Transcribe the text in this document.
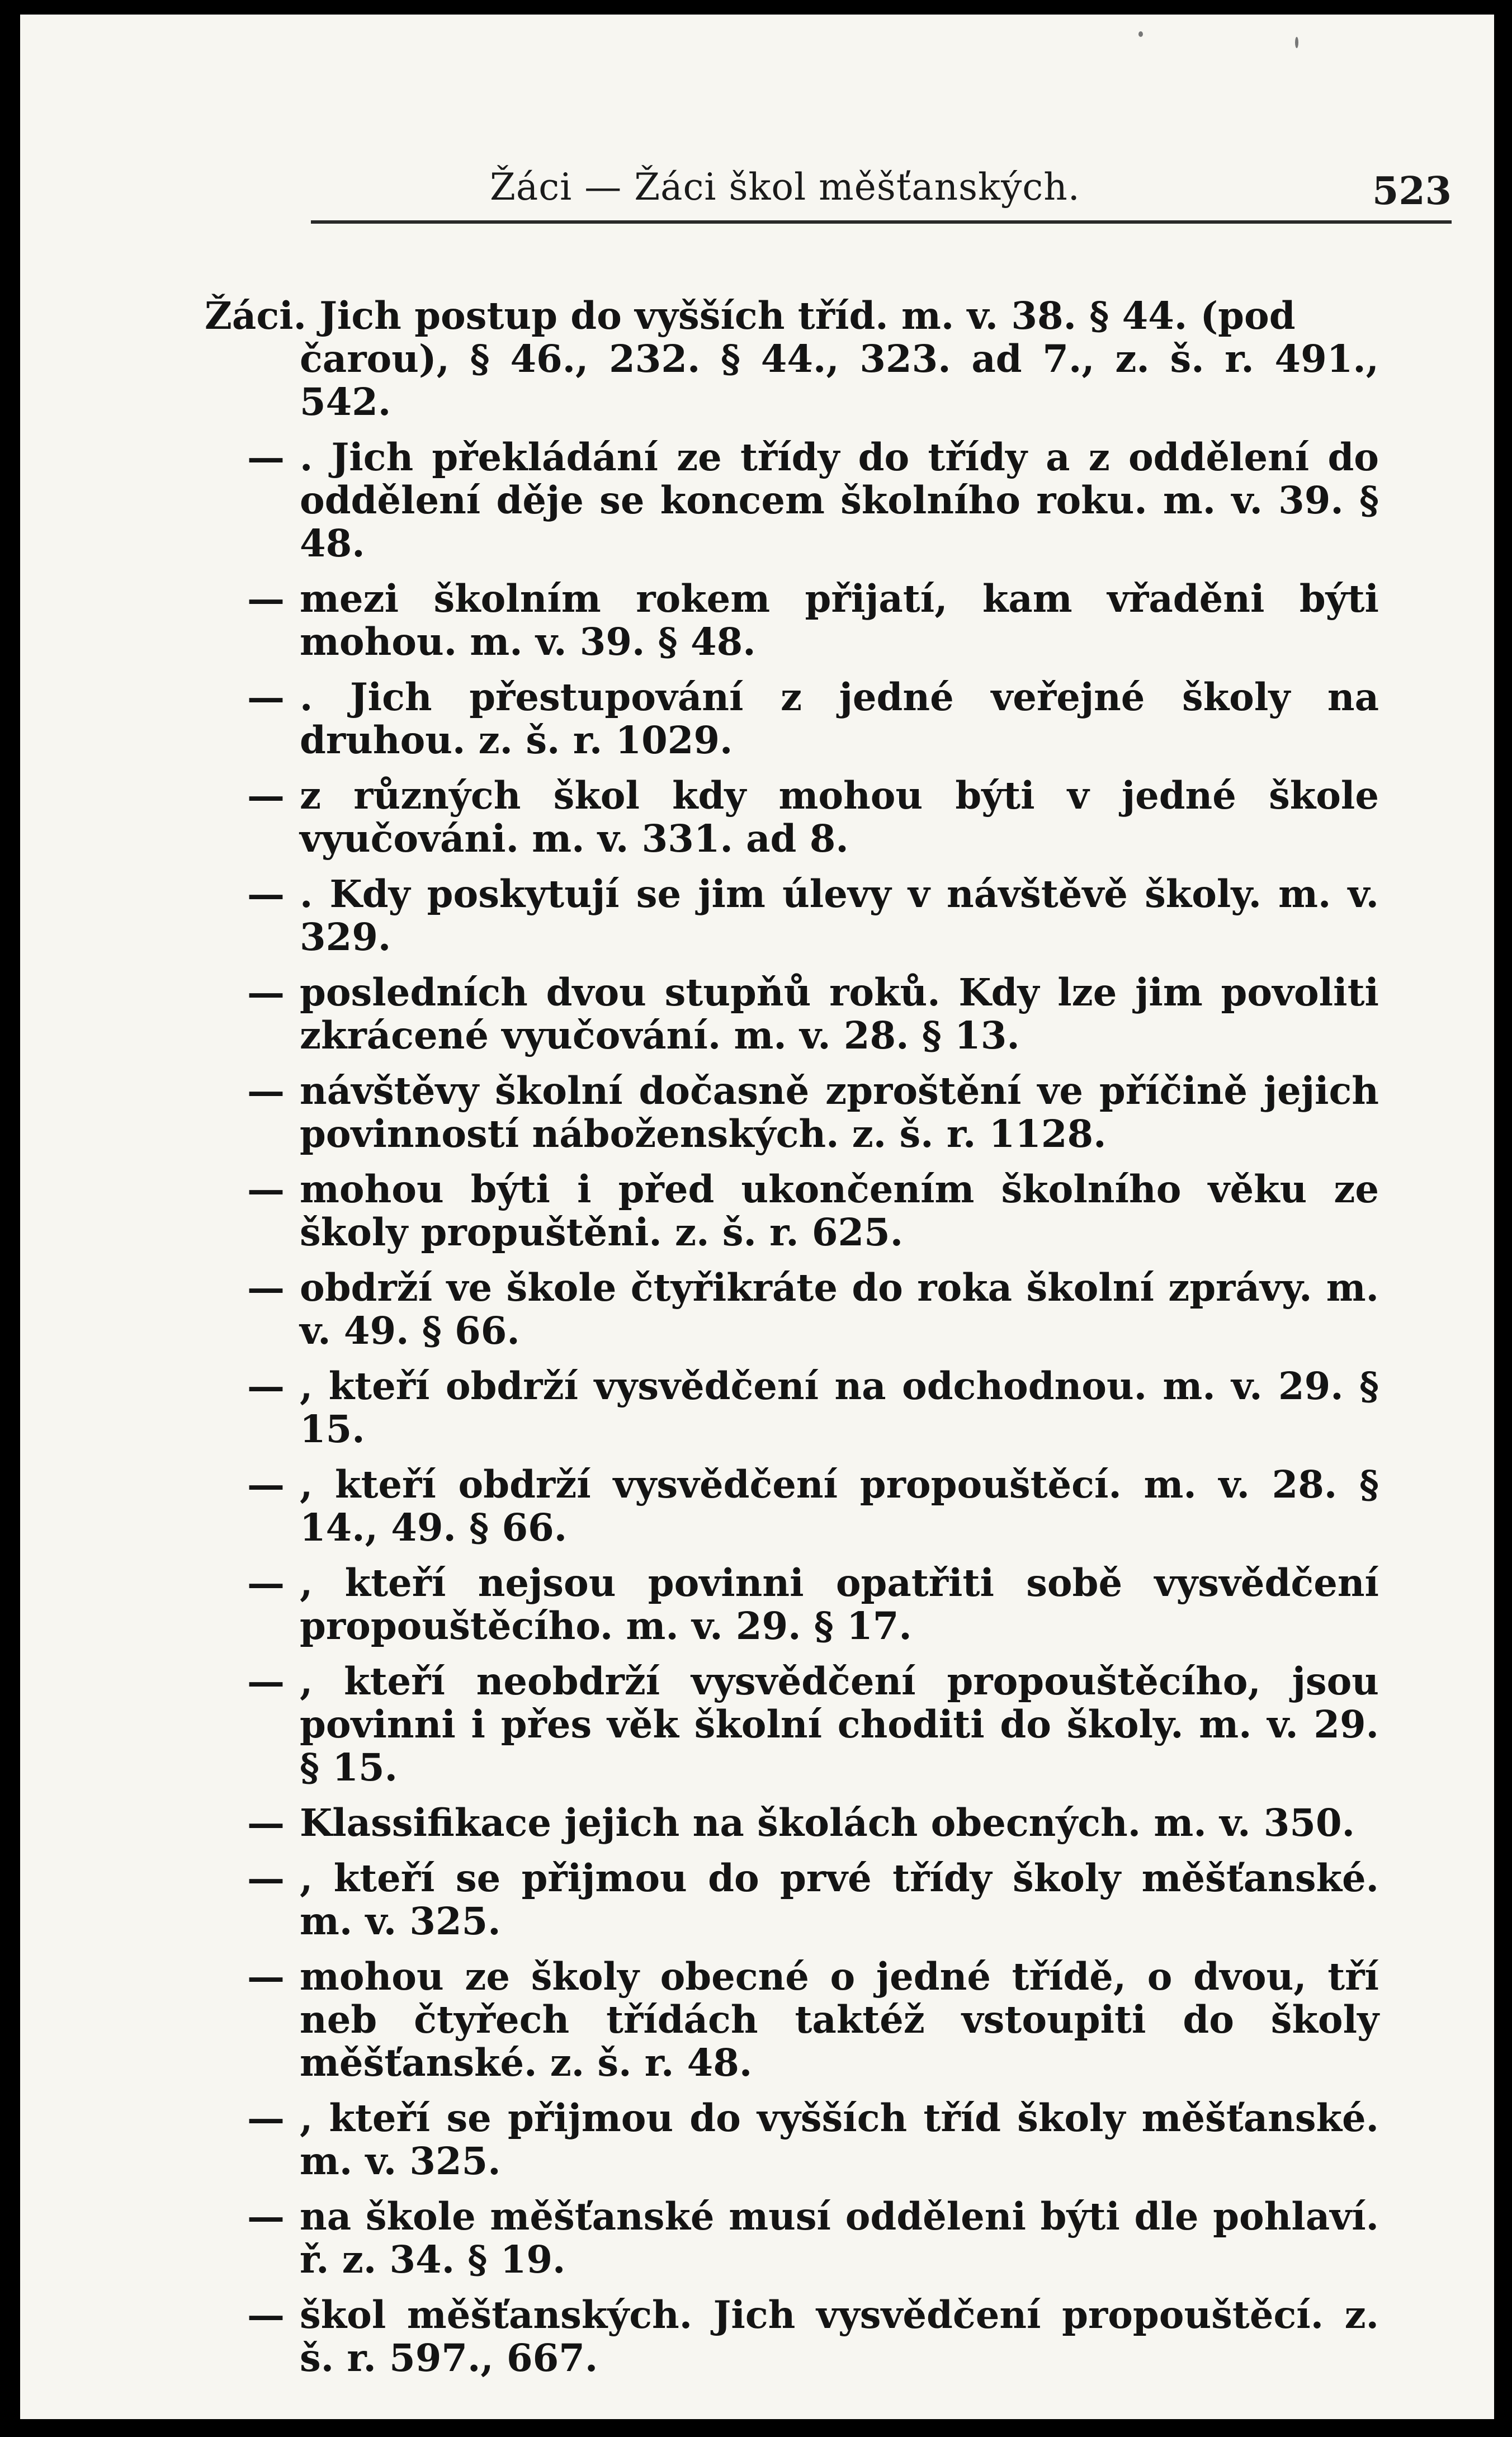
Žáci — Žáci škol měšťanských.	523
Žáci. Jich postup do vyšších tříd. m. v. 38. § 44. (pod
čarou), § 46., 232. § 44., 323. ad 7., z. š. r. 491., 542.
— . Jich překládání ze třídy do třídy a z oddělení do oddělení děje se koncem školního roku. m. v. 39. § 48.
— mezi školním rokem přijatí, kam vřaděni býti mohou. m. v. 39. § 48.
— . Jich přestupování z jedné veřejné školy na druhou. z. š. r. 1029.
— z různých škol kdy mohou býti v jedné škole vyučováni. m. v. 331. ad 8.
— . Kdy poskytují se jim úlevy v návštěvě školy. m. v. 329.
— posledních dvou stupňů roků. Kdy lze jim povoliti zkrácené vyučování. m. v. 28. § 13.
— návštěvy školní dočasně zproštění ve příčině jejich povinností náboženských. z. š. r. 1128.
— mohou býti i před ukončením školního věku ze školy propuštěni. z. š. r. 625.
— obdrží ve škole čtyřikráte do roka školní zprávy. m. v. 49. § 66.
— , kteří obdrží vysvědčení na odchodnou. m. v. 29. § 15.
— , kteří obdrží vysvědčení propouštěcí. m. v. 28. § 14., 49. § 66.
— , kteří nejsou povinni opatřiti sobě vysvědčení propouštěcího. m. v. 29. § 17.
— , kteří neobdrží vysvědčení propouštěcího, jsou povinni i přes věk školní choditi do školy. m. v. 29. § 15.
— Klassifikace jejich na školách obecných. m. v. 350.
— , kteří se přijmou do prvé třídy školy měšťanské. m. v. 325.
— mohou ze školy obecné o jedné třídě, o dvou, tří neb čtyřech třídách taktéž vstoupiti do školy měšťanské. z. š. r. 48.
— , kteří se přijmou do vyšších tříd školy měšťanské. m. v. 325.
— na škole měšťanské musí odděleni býti dle pohlaví. ř. z. 34. § 19.
— škol měšťanských. Jich vysvědčení propouštěcí. z. š. r. 597., 667.
